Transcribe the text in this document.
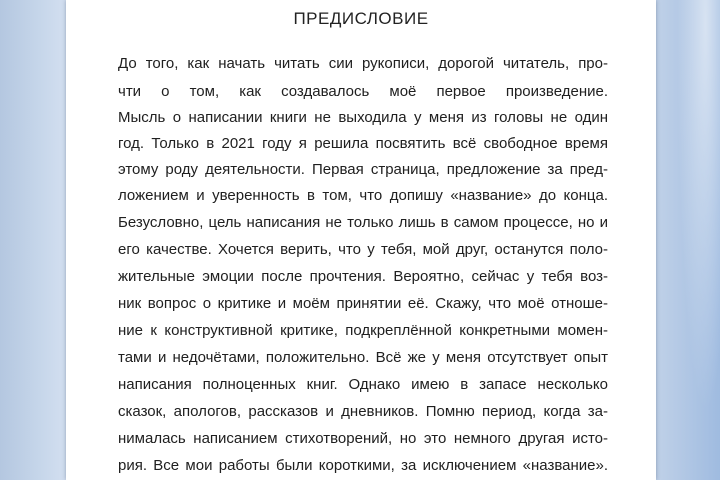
ПРЕДИСЛОВИЕ
До того, как начать читать сии рукописи, дорогой читатель, про-
чти о том, как создавалось моё первое произведение.
Мысль о написании книги не выходила у меня из головы не один
год. Только в 2021 году я решила посвятить всё свободное время
этому роду деятельности. Первая страница, предложение за пред-
ложением и уверенность в том, что допишу «название» до конца.
Безусловно, цель написания не только лишь в самом процессе, но и
его качестве. Хочется верить, что у тебя, мой друг, останутся поло-
жительные эмоции после прочтения. Вероятно, сейчас у тебя воз-
ник вопрос о критике и моём принятии её. Скажу, что моё отноше-
ние к конструктивной критике, подкреплённой конкретными момен-
тами и недочётами, положительно. Всё же у меня отсутствует опыт
написания полноценных книг. Однако имею в запасе несколько
сказок, апологов, рассказов и дневников. Помню период, когда за-
нималась написанием стихотворений, но это немного другая исто-
рия. Все мои работы были короткими, за исключением «название».
